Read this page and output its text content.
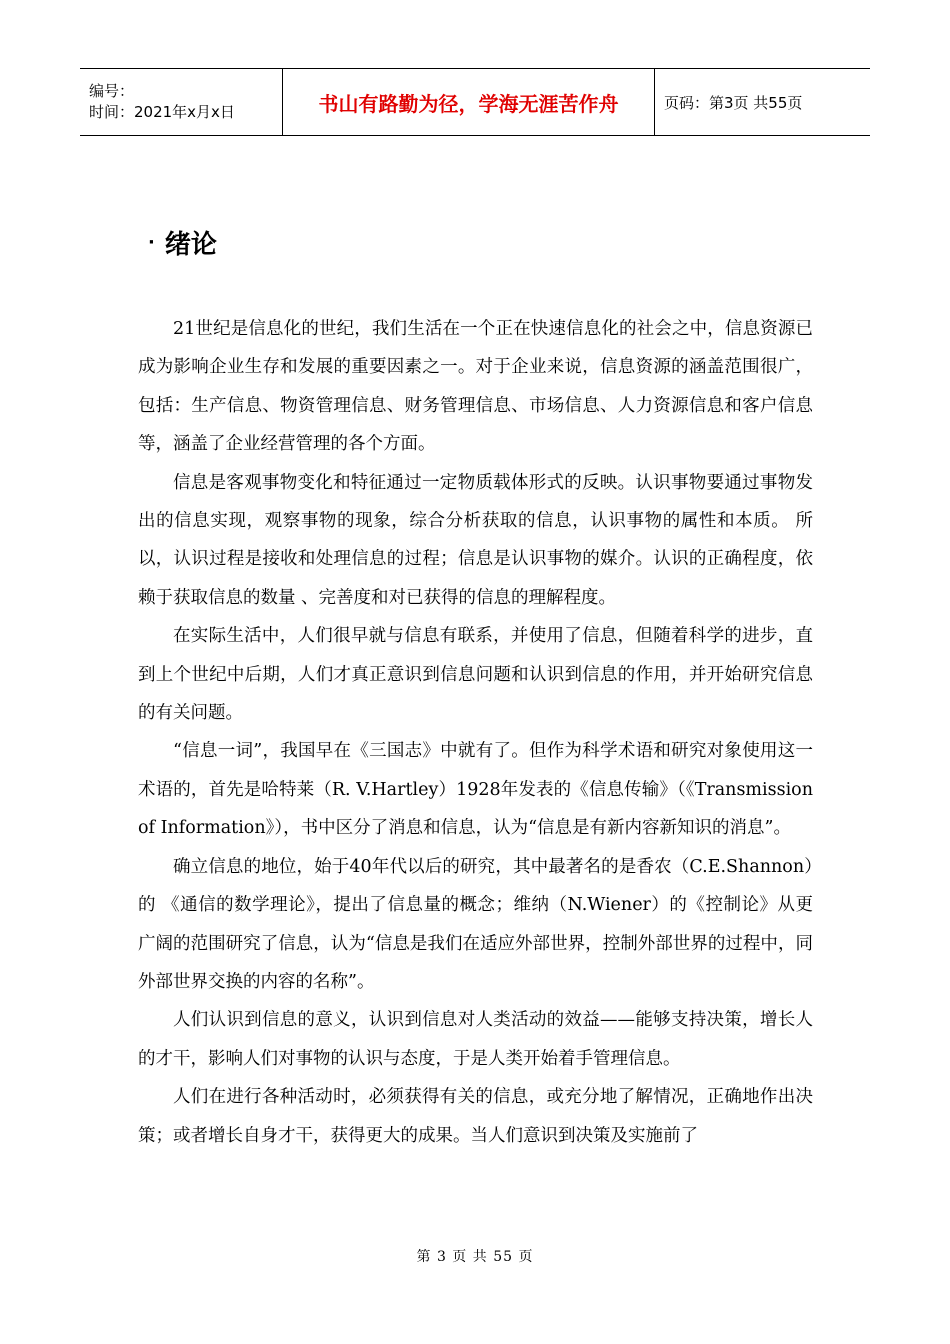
编号：
时间：2021年x月x日	书山有路勤为径，学海无涯苦作舟	页码：第3页 共55页
· 绪论

21世纪是信息化的世纪，我们生活在一个正在快速信息化的社会之中，信息资源已成为影响企业生存和发展的重要因素之一。对于企业来说，信息资源的涵盖范围很广，包括：生产信息、物资管理信息、财务管理信息、市场信息、人力资源信息和客户信息等，涵盖了企业经营管理的各个方面。

信息是客观事物变化和特征通过一定物质载体形式的反映。认识事物要通过事物发出的信息实现，观察事物的现象，综合分析获取的信息，认识事物的属性和本质。 所以，认识过程是接收和处理信息的过程；信息是认识事物的媒介。认识的正确程度，依赖于获取信息的数量 、完善度和对已获得的信息的理解程度。

在实际生活中，人们很早就与信息有联系，并使用了信息，但随着科学的进步，直到上个世纪中后期，人们才真正意识到信息问题和认识到信息的作用，并开始研究信息的有关问题。

“信息一词”，我国早在《三国志》中就有了。但作为科学术语和研究对象使用这一术语的，首先是哈特莱（R. V.Hartley）1928年发表的《信息传输》（《Transmission of Information》），书中区分了消息和信息，认为“信息是有新内容新知识的消息”。

确立信息的地位，始于40年代以后的研究，其中最著名的是香农（C.E.Shannon）的 《通信的数学理论》，提出了信息量的概念；维纳（N.Wiener）的《控制论》从更广阔的范围研究了信息，认为“信息是我们在适应外部世界，控制外部世界的过程中，同外部世界交换的内容的名称”。

人们认识到信息的意义，认识到信息对人类活动的效益——能够支持决策，增长人的才干，影响人们对事物的认识与态度，于是人类开始着手管理信息。

人们在进行各种活动时，必须获得有关的信息，或充分地了解情况，正确地作出决策；或者增长自身才干，获得更大的成果。当人们意识到决策及实施前了

第 3 页 共 55 页
